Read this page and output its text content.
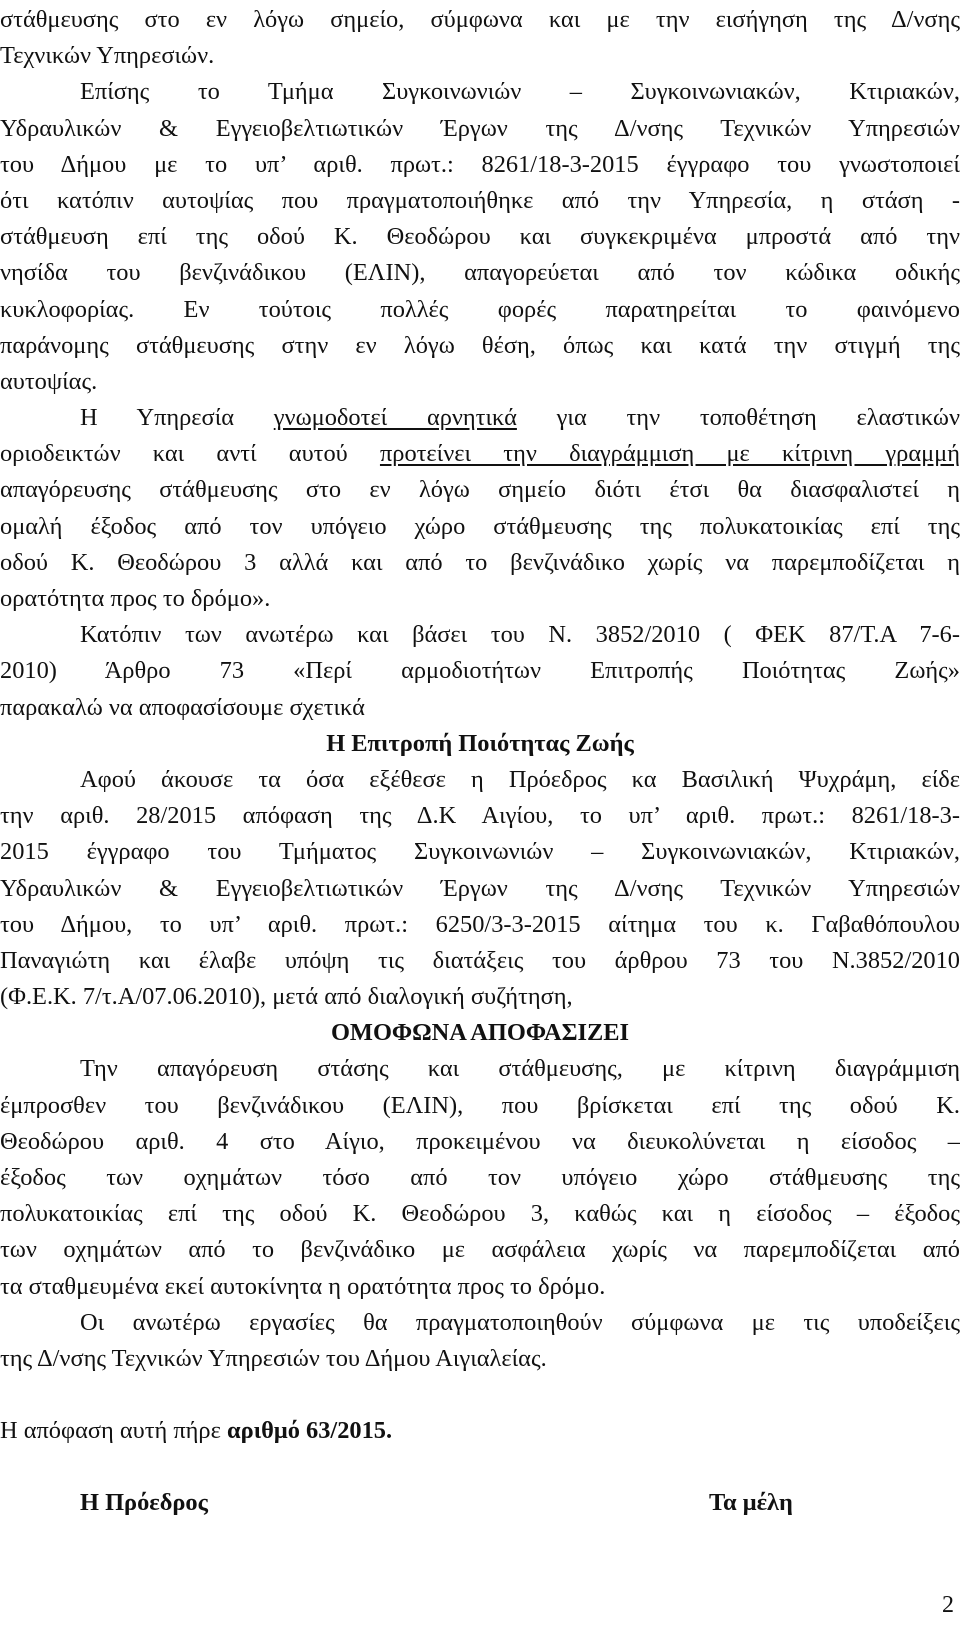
στάθμευσης στο εν λόγω σημείο, σύμφωνα και με την εισήγηση της Δ/νσης
Τεχνικών Υπηρεσιών.
Επίσης το Τμήμα Συγκοινωνιών – Συγκοινωνιακών, Κτιριακών,
Υδραυλικών & Εγγειοβελτιωτικών Έργων της Δ/νσης Τεχνικών Υπηρεσιών
του Δήμου με το υπ’ αριθ. πρωτ.: 8261/18-3-2015 έγγραφο του γνωστοποιεί
ότι κατόπιν αυτοψίας που πραγματοποιήθηκε από την Υπηρεσία, η στάση -
στάθμευση επί της οδού Κ. Θεοδώρου και συγκεκριμένα μπροστά από την
νησίδα του βενζινάδικου (ΕΛΙΝ), απαγορεύεται από τον κώδικα οδικής
κυκλοφορίας. Εν τούτοις πολλές φορές παρατηρείται το φαινόμενο
παράνομης στάθμευσης στην εν λόγω θέση, όπως και κατά την στιγμή της
αυτοψίας.
Η Υπηρεσία γνωμοδοτεί αρνητικά για την τοποθέτηση ελαστικών
οριοδεικτών και αντί αυτού προτείνει την διαγράμμιση με κίτρινη γραμμή
απαγόρευσης στάθμευσης στο εν λόγω σημείο διότι έτσι θα διασφαλιστεί η
ομαλή έξοδος από τον υπόγειο χώρο στάθμευσης της πολυκατοικίας επί της
οδού Κ. Θεοδώρου 3 αλλά και από το βενζινάδικο χωρίς να παρεμποδίζεται η
ορατότητα προς το δρόμο».
Κατόπιν των ανωτέρω και βάσει του Ν. 3852/2010 ( ΦΕΚ 87/Τ.Α 7-6-
2010) Άρθρο 73 «Περί αρμοδιοτήτων Επιτροπής Ποιότητας Ζωής»
παρακαλώ να αποφασίσουμε σχετικά
Η Επιτροπή Ποιότητας Ζωής
Αφού άκουσε τα όσα εξέθεσε η Πρόεδρος κα Βασιλική Ψυχράμη, είδε
την αριθ. 28/2015 απόφαση της Δ.Κ Αιγίου, το υπ’ αριθ. πρωτ.: 8261/18-3-
2015 έγγραφο του Τμήματος Συγκοινωνιών – Συγκοινωνιακών, Κτιριακών,
Υδραυλικών & Εγγειοβελτιωτικών Έργων της Δ/νσης Τεχνικών Υπηρεσιών
του Δήμου, το υπ’ αριθ. πρωτ.: 6250/3-3-2015 αίτημα του κ. Γαβαθόπουλου
Παναγιώτη και έλαβε υπόψη τις διατάξεις του άρθρου 73 του Ν.3852/2010
(Φ.Ε.Κ. 7/τ.Α/07.06.2010), μετά από διαλογική συζήτηση,
ΟΜΟΦΩΝΑ ΑΠΟΦΑΣΙΖΕΙ
Την απαγόρευση στάσης και στάθμευσης, με κίτρινη διαγράμμιση
έμπροσθεν του βενζινάδικου (ΕΛΙΝ), που βρίσκεται επί της οδού Κ.
Θεοδώρου αριθ. 4 στο Αίγιο, προκειμένου να διευκολύνεται η είσοδος –
έξοδος των οχημάτων τόσο από τον υπόγειο χώρο στάθμευσης της
πολυκατοικίας επί της οδού Κ. Θεοδώρου 3, καθώς και η είσοδος – έξοδος
των οχημάτων από το βενζινάδικο με ασφάλεια χωρίς να παρεμποδίζεται από
τα σταθμευμένα εκεί αυτοκίνητα η ορατότητα προς το δρόμο.
Οι ανωτέρω εργασίες θα πραγματοποιηθούν σύμφωνα με τις υποδείξεις
της Δ/νσης Τεχνικών Υπηρεσιών του Δήμου Αιγιαλείας.
Η απόφαση αυτή πήρε αριθμό 63/2015.
Η Πρόεδρος	Τα μέλη
2
